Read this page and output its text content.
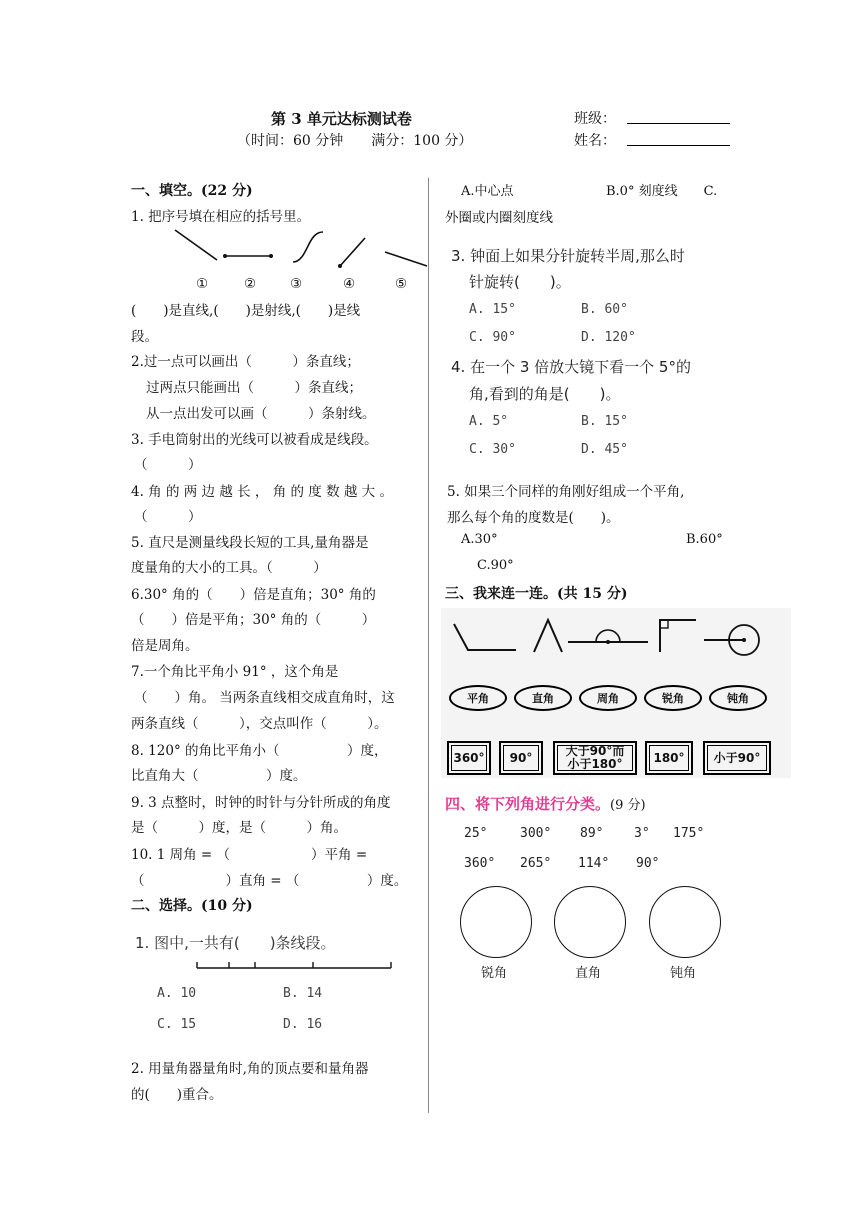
第 3 单元达标测试卷
（时间：60 分钟　　满分：100 分）
班级：
姓名：
一、填空。(22 分)
1. 把序号填在相应的括号里。
①	②	③	④	⑤
(　　)是直线,(　　)是射线,(　　)是线
段。
2.过一点可以画出（　　　）条直线；
过两点只能画出（　　　）条直线；
从一点出发可以画（　　　）条射线。
3. 手电筒射出的光线可以被看成是线段。
（　　　）
4. 角 的 两 边 越 长 ， 角 的 度 数 越 大 。
（　　　）
5. 直尺是测量线段长短的工具,量角器是
度量角的大小的工具。（　　　）
6.30° 角的（　　）倍是直角；30° 角的
（　　）倍是平角；30° 角的（　　　）
倍是周角。
7.一个角比平角小 91° ，这个角是
（　　）角。 当两条直线相交成直角时，这
两条直线（　　　），交点叫作（　　　）。
8. 120° 的角比平角小（　　　　　）度，
比直角大（　　　　　）度。
9. 3 点整时，时钟的时针与分针所成的角度
是（　　　）度，是（　　　）角。
10. 1 周角 = （　　　　　　）平角 =
（　　　　　　）直角 = （　　　　　）度。
二、选择。(10 分)
1. 图中,一共有(　　)条线段。
A. 10	B. 14
C. 15	D. 16
2. 用量角器量角时,角的顶点要和量角器
的(　　)重合。
A.中心点	B.0° 刻度线　　C.
外圈或内圈刻度线
3. 钟面上如果分针旋转半周,那么时
针旋转(　　)。
A. 15°	B. 60°
C. 90°	D. 120°
4. 在一个 3 倍放大镜下看一个 5°的
角,看到的角是(　　)。
A. 5°	B. 15°
C. 30°	D. 45°
5. 如果三个同样的角刚好组成一个平角,
那么每个角的度数是(　　)。
A.30°	B.60°
C.90°
三、我来连一连。(共 15 分)
平角	直角	周角	锐角	钝角
360° 90°	大于90°而
小于180°	180° 小于90°
四、将下列角进行分类。(9 分)
25°	300° 89° 3° 175°
360° 265° 114° 90°
锐角	直角	钝角
